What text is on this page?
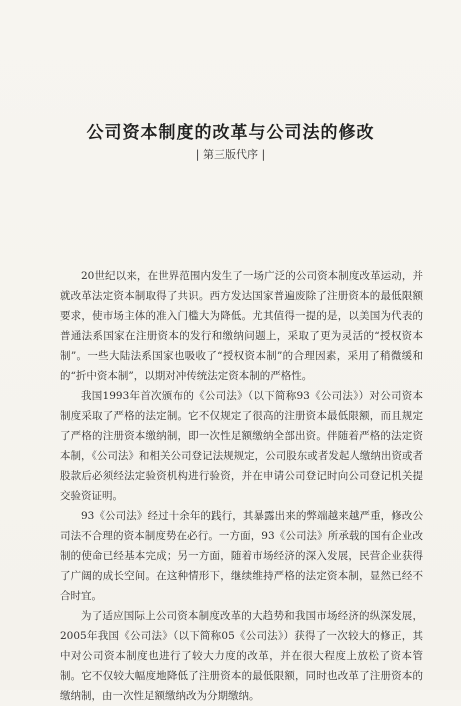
公司资本制度的改革与公司法的修改
| 第三版代序 |

20世纪以来，在世界范围内发生了一场广泛的公司资本制度改革运动，并就改革法定资本制取得了共识。西方发达国家普遍废除了注册资本的最低限额要求，使市场主体的准入门槛大为降低。尤其值得一提的是，以美国为代表的普通法系国家在注册资本的发行和缴纳问题上，采取了更为灵活的“授权资本制”。一些大陆法系国家也吸收了“授权资本制”的合理因素，采用了稍微缓和的“折中资本制”，以期对冲传统法定资本制的严格性。

我国1993年首次颁布的《公司法》（以下简称93《公司法》）对公司资本制度采取了严格的法定制。它不仅规定了很高的注册资本最低限额，而且规定了严格的注册资本缴纳制，即一次性足额缴纳全部出资。伴随着严格的法定资本制，《公司法》和相关公司登记法规规定，公司股东或者发起人缴纳出资或者股款后必须经法定验资机构进行验资，并在申请公司登记时向公司登记机关提交验资证明。

93《公司法》经过十余年的践行，其暴露出来的弊端越来越严重，修改公司法不合理的资本制度势在必行。一方面，93《公司法》所承载的国有企业改制的使命已经基本完成；另一方面，随着市场经济的深入发展，民营企业获得了广阔的成长空间。在这种情形下，继续维持严格的法定资本制，显然已经不合时宜。

为了适应国际上公司资本制度改革的大趋势和我国市场经济的纵深发展，2005年我国《公司法》（以下简称05《公司法》）获得了一次较大的修正，其中对公司资本制度也进行了较大力度的改革，并在很大程度上放松了资本管制。它不仅较大幅度地降低了注册资本的最低限额，同时也改革了注册资本的缴纳制，由一次性足额缴纳改为分期缴纳。
